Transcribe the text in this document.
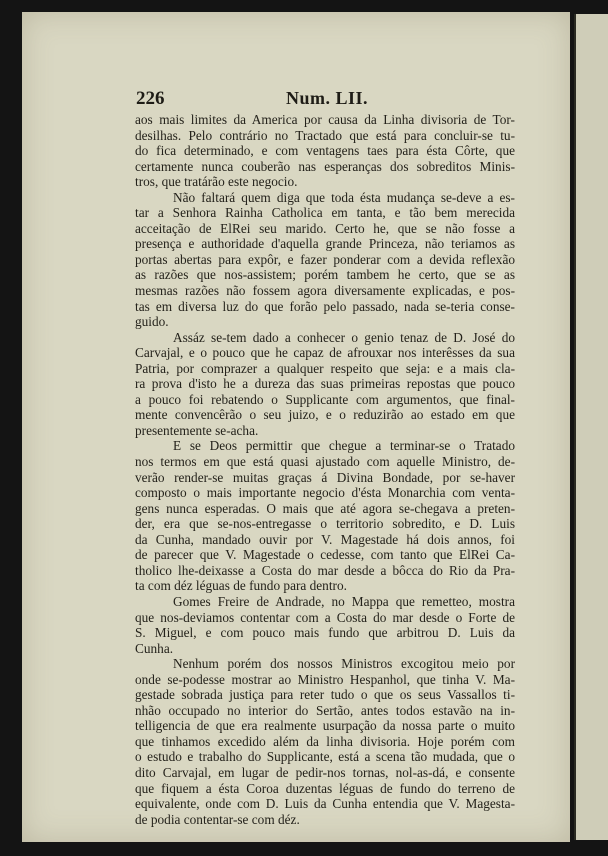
226	Num. LII.
aos mais limites da America por causa da Linha divisoria de Tor-
desilhas. Pelo contrário no Tractado que está para concluir-se tu-
do fica determinado, e com ventagens taes para ésta Côrte, que
certamente nunca couberão nas esperanças dos sobreditos Minis-
tros, que tratárão este negocio.
Não faltará quem diga que toda ésta mudança se-deve a es-
tar a Senhora Rainha Catholica em tanta, e tão bem merecida
acceitação de ElRei seu marido. Certo he, que se não fosse a
presença e authoridade d'aquella grande Princeza, não teriamos as
portas abertas para expôr, e fazer ponderar com a devida reflexão
as razões que nos-assistem; porém tambem he certo, que se as
mesmas razões não fossem agora diversamente explicadas, e pos-
tas em diversa luz do que forão pelo passado, nada se-teria conse-
guido.
Assáz se-tem dado a conhecer o genio tenaz de D. José do
Carvajal, e o pouco que he capaz de afrouxar nos interêsses da sua
Patria, por comprazer a qualquer respeito que seja: e a mais cla-
ra prova d'isto he a dureza das suas primeiras repostas que pouco
a pouco foi rebatendo o Supplicante com argumentos, que final-
mente convencêrão o seu juizo, e o reduzirão ao estado em que
presentemente se-acha.
E se Deos permittir que chegue a terminar-se o Tratado
nos termos em que está quasi ajustado com aquelle Ministro, de-
verão render-se muitas graças á Divina Bondade, por se-haver
composto o mais importante negocio d'ésta Monarchia com venta-
gens nunca esperadas. O mais que até agora se-chegava a preten-
der, era que se-nos-entregasse o territorio sobredito, e D. Luis
da Cunha, mandado ouvir por V. Magestade há dois annos, foi
de parecer que V. Magestade o cedesse, com tanto que ElRei Ca-
tholico lhe-deixasse a Costa do mar desde a bôcca do Rio da Pra-
ta com déz léguas de fundo para dentro.
Gomes Freire de Andrade, no Mappa que remetteo, mostra
que nos-deviamos contentar com a Costa do mar desde o Forte de
S. Miguel, e com pouco mais fundo que arbitrou D. Luis da
Cunha.
Nenhum porém dos nossos Ministros excogitou meio por
onde se-podesse mostrar ao Ministro Hespanhol, que tinha V. Ma-
gestade sobrada justiça para reter tudo o que os seus Vassallos ti-
nhão occupado no interior do Sertão, antes todos estavão na in-
telligencia de que era realmente usurpação da nossa parte o muito
que tinhamos excedido além da linha divisoria. Hoje porém com
o estudo e trabalho do Supplicante, está a scena tão mudada, que o
dito Carvajal, em lugar de pedir-nos tornas, nol-as-dá, e consente
que fiquem a ésta Coroa duzentas léguas de fundo do terreno de
equivalente, onde com D. Luis da Cunha entendia que V. Magesta-
de podia contentar-se com déz.
